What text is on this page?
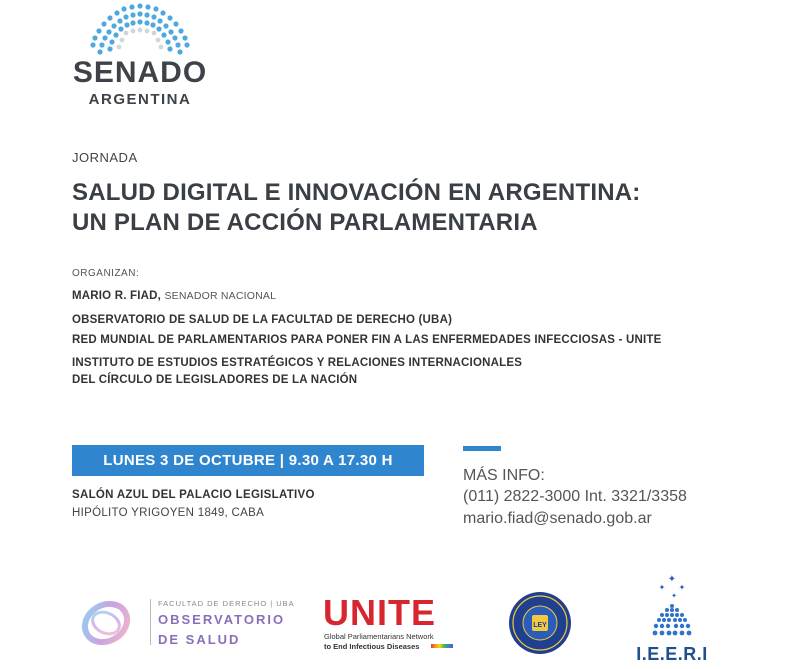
SENADO
ARGENTINA
JORNADA
SALUD DIGITAL E INNOVACIÓN EN ARGENTINA:
UN PLAN DE ACCIÓN PARLAMENTARIA
ORGANIZAN:
MARIO R. FIAD, SENADOR NACIONAL
OBSERVATORIO DE SALUD DE LA FACULTAD DE DERECHO (UBA)
RED MUNDIAL DE PARLAMENTARIOS PARA PONER FIN A LAS ENFERMEDADES INFECCIOSAS - UNITE
INSTITUTO DE ESTUDIOS ESTRATÉGICOS Y RELACIONES INTERNACIONALES
DEL CÍRCULO DE LEGISLADORES DE LA NACIÓN
LUNES 3 DE OCTUBRE | 9.30 A 17.30 H
SALÓN AZUL DEL PALACIO LEGISLATIVO
HIPÓLITO YRIGOYEN 1849, CABA
MÁS INFO:
(011) 2822-3000 Int. 3321/3358
mario.fiad@senado.gob.ar
FACULTAD DE DERECHO | UBA
OBSERVATORIO
DE SALUD
UNITE
Global Parliamentarians Network
to End Infectious Diseases
LEY
✦
✦ ✦
✦
I.E.E.R.I
